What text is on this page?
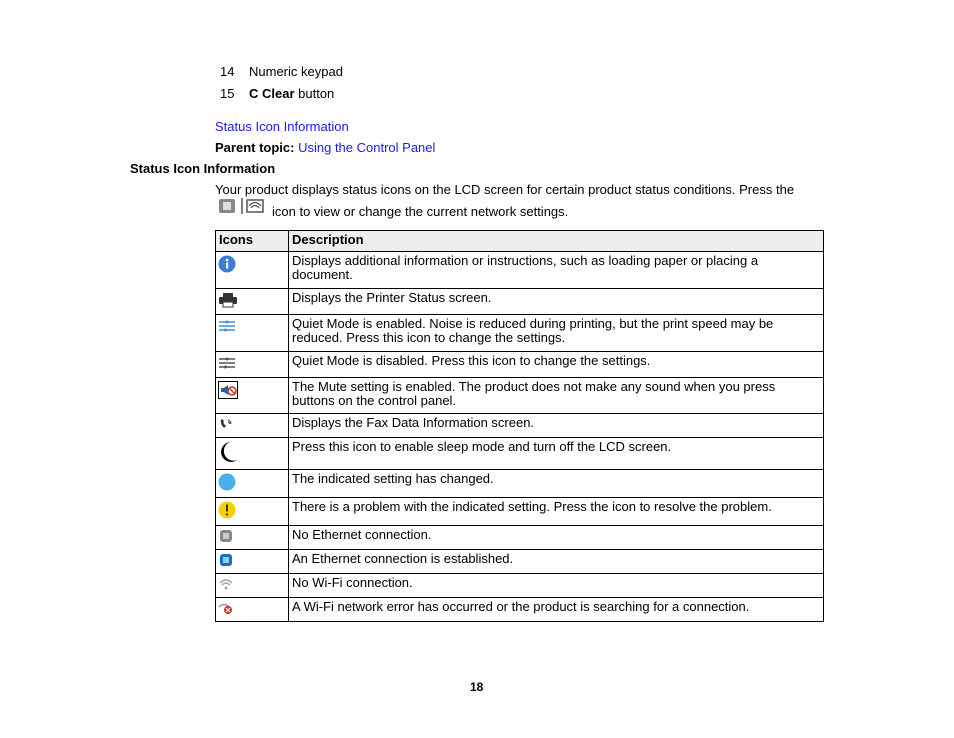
14	Numeric keypad
15	C Clear button
Status Icon Information
Parent topic: Using the Control Panel
Status Icon Information
Your product displays status icons on the LCD screen for certain product status conditions. Press the
icon to view or change the current network settings.
Icons	Description
	Displays additional information or instructions, such as loading paper or placing a document.
	Displays the Printer Status screen.
	Quiet Mode is enabled. Noise is reduced during printing, but the print speed may be reduced. Press this icon to change the settings.
	Quiet Mode is disabled. Press this icon to change the settings.
	The Mute setting is enabled. The product does not make any sound when you press buttons on the control panel.
	Displays the Fax Data Information screen.
	Press this icon to enable sleep mode and turn off the LCD screen.
	The indicated setting has changed.
	There is a problem with the indicated setting. Press the icon to resolve the problem.
	No Ethernet connection.
	An Ethernet connection is established.
	No Wi-Fi connection.
	A Wi-Fi network error has occurred or the product is searching for a connection.
18
